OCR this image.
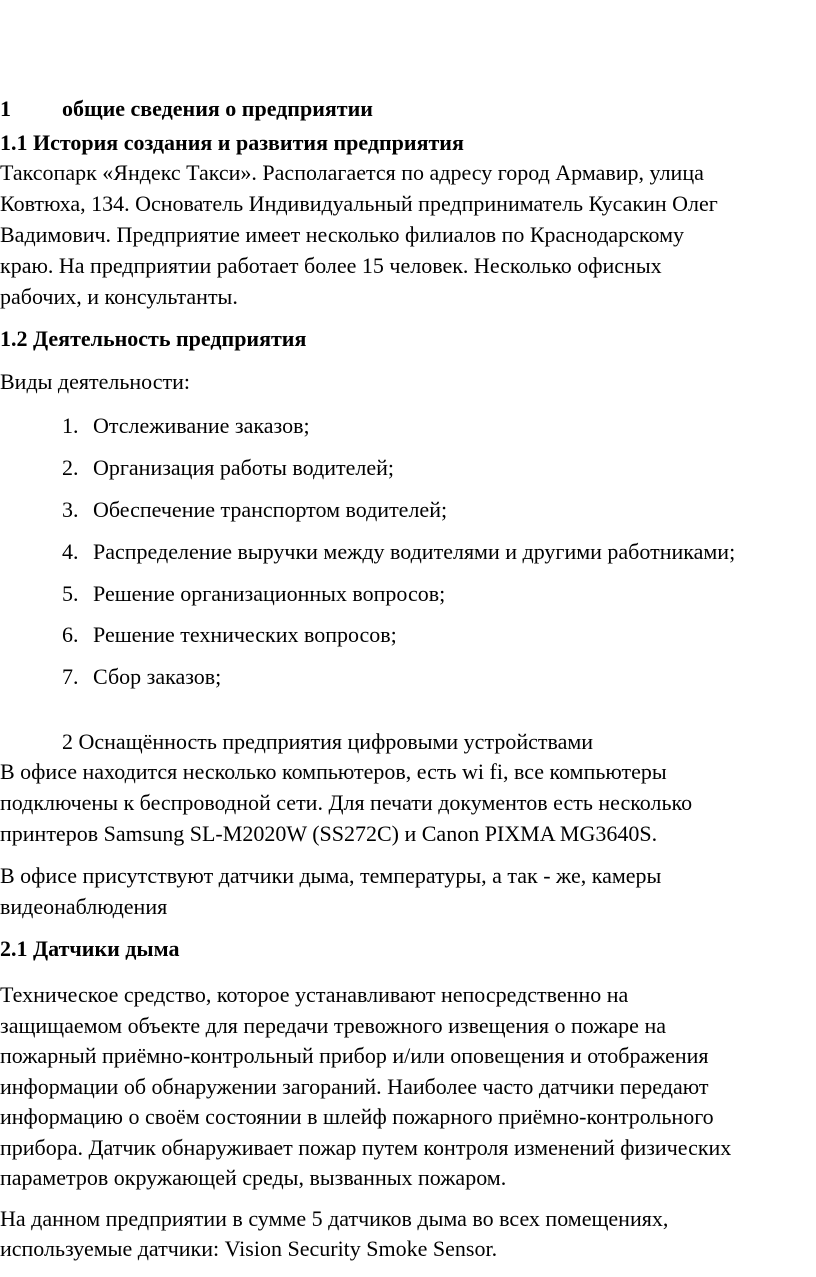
1 общие сведения о предприятии
1.1 История создания и развития предприятия
Таксопарк «Яндекс Такси». Располагается по адресу город Армавир, улица
Ковтюха, 134. Основатель Индивидуальный предприниматель Кусакин Олег
Вадимович. Предприятие имеет несколько филиалов по Краснодарскому
краю. На предприятии работает более 15 человек. Несколько офисных
рабочих, и консультанты.
1.2 Деятельность предприятия
Виды деятельности:
1. Отслеживание заказов;
2. Организация работы водителей;
3. Обеспечение транспортом водителей;
4. Распределение выручки между водителями и другими работниками;
5. Решение организационных вопросов;
6. Решение технических вопросов;
7. Сбор заказов;
2 Оснащённость предприятия цифровыми устройствами
В офисе находится несколько компьютеров, есть wi fi, все компьютеры
подключены к беспроводной сети. Для печати документов есть несколько
принтеров Samsung SL-M2020W (SS272C) и Canon PIXMA MG3640S.
В офисе присутствуют датчики дыма, температуры, а так - же, камеры
видеонаблюдения
2.1 Датчики дыма
Техническое средство, которое устанавливают непосредственно на
защищаемом объекте для передачи тревожного извещения о пожаре на
пожарный приёмно-контрольный прибор и/или оповещения и отображения
информации об обнаружении загораний. Наиболее часто датчики передают
информацию о своём состоянии в шлейф пожарного приёмно-контрольного
прибора. Датчик обнаруживает пожар путем контроля изменений физических
параметров окружающей среды, вызванных пожаром.
На данном предприятии в сумме 5 датчиков дыма во всех помещениях,
используемые датчики: Vision Security Smoke Sensor.
